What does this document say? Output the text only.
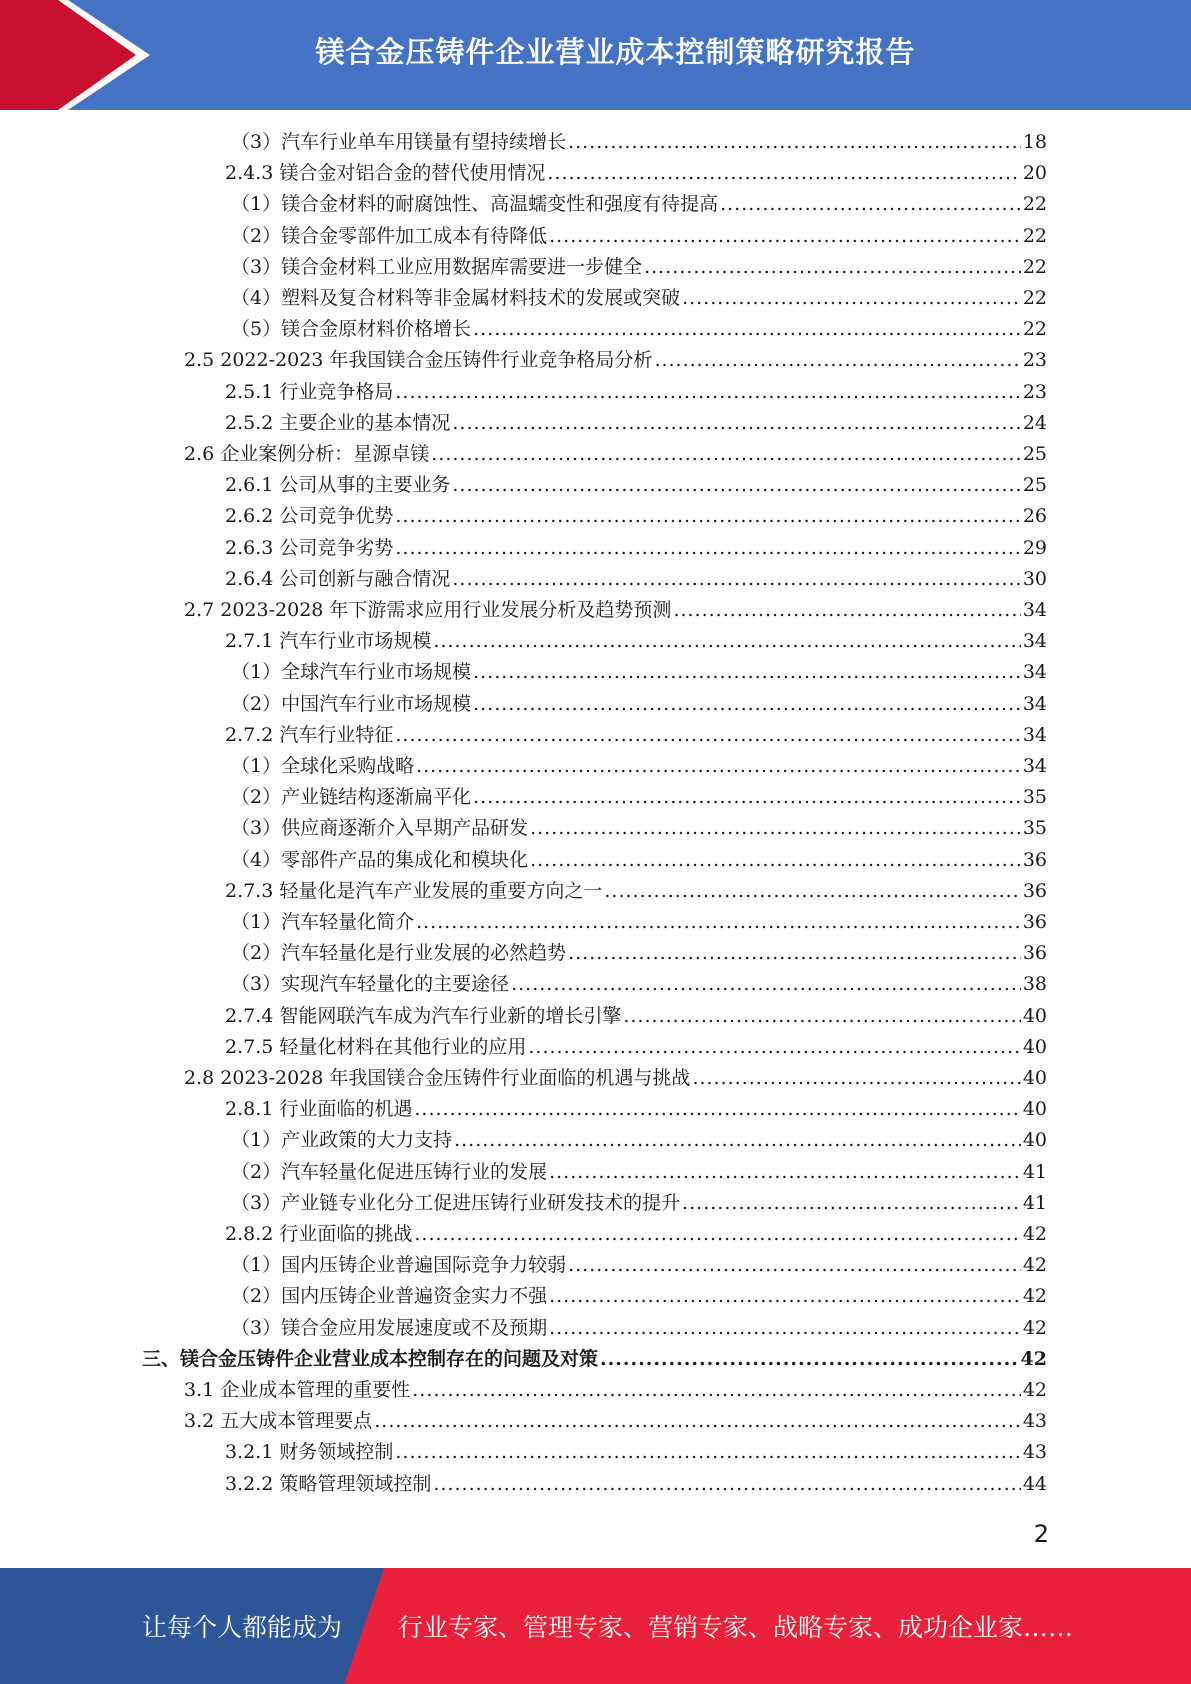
镁合金压铸件企业营业成本控制策略研究报告
（3）汽车行业单车用镁量有望持续增长 .....	18
2.4.3 镁合金对铝合金的替代使用情况 .....	20
（1）镁合金材料的耐腐蚀性、高温蠕变性和强度有待提高 .....	22
（2）镁合金零部件加工成本有待降低 .....	22
（3）镁合金材料工业应用数据库需要进一步健全 .....	22
（4）塑料及复合材料等非金属材料技术的发展或突破 .....	22
（5）镁合金原材料价格增长 .....	22
2.5 2022-2023 年我国镁合金压铸件行业竞争格局分析 .....	23
2.5.1 行业竞争格局 .....	23
2.5.2 主要企业的基本情况 .....	24
2.6 企业案例分析：星源卓镁 .....	25
2.6.1 公司从事的主要业务 .....	25
2.6.2 公司竞争优势 .....	26
2.6.3 公司竞争劣势 .....	29
2.6.4 公司创新与融合情况 .....	30
2.7 2023-2028 年下游需求应用行业发展分析及趋势预测 .....	34
2.7.1 汽车行业市场规模 .....	34
（1）全球汽车行业市场规模 .....	34
（2）中国汽车行业市场规模 .....	34
2.7.2 汽车行业特征 .....	34
（1）全球化采购战略 .....	34
（2）产业链结构逐渐扁平化 .....	35
（3）供应商逐渐介入早期产品研发 .....	35
（4）零部件产品的集成化和模块化 .....	36
2.7.3 轻量化是汽车产业发展的重要方向之一 .....	36
（1）汽车轻量化简介 .....	36
（2）汽车轻量化是行业发展的必然趋势 .....	36
（3）实现汽车轻量化的主要途径 .....	38
2.7.4 智能网联汽车成为汽车行业新的增长引擎 .....	40
2.7.5 轻量化材料在其他行业的应用 .....	40
2.8 2023-2028 年我国镁合金压铸件行业面临的机遇与挑战 .....	40
2.8.1 行业面临的机遇 .....	40
（1）产业政策的大力支持 .....	40
（2）汽车轻量化促进压铸行业的发展 .....	41
（3）产业链专业化分工促进压铸行业研发技术的提升 .....	41
2.8.2 行业面临的挑战 .....	42
（1）国内压铸企业普遍国际竞争力较弱 .....	42
（2）国内压铸企业普遍资金实力不强 .....	42
（3）镁合金应用发展速度或不及预期 .....	42
三、镁合金压铸件企业营业成本控制存在的问题及对策 .....	42
3.1 企业成本管理的重要性 .....	42
3.2 五大成本管理要点 .....	43
3.2.1 财务领域控制 .....	43
3.2.2 策略管理领域控制 .....	44
2
让每个人都能成为 行业专家、管理专家、营销专家、战略专家、成功企业家……
